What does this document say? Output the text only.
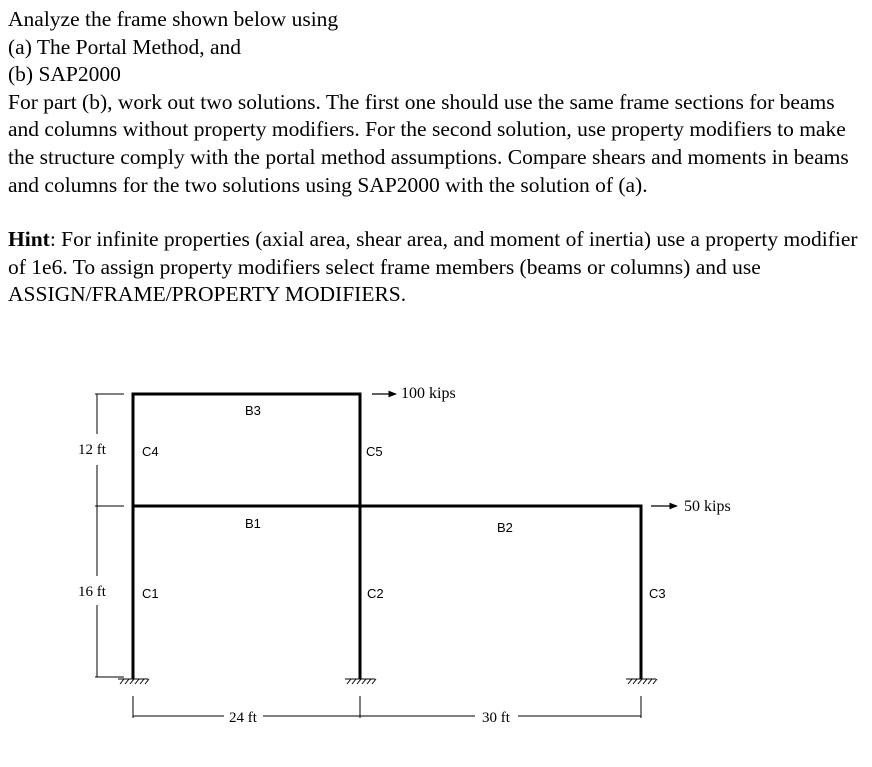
Analyze the frame shown below using

(a) The Portal Method, and

(b) SAP2000

For part (b), work out two solutions. The first one should use the same frame sections for beams and columns without property modifiers. For the second solution, use property modifiers to make the structure comply with the portal method assumptions. Compare shears and moments in beams and columns for the two solutions using SAP2000 with the solution of (a).

Hint: For infinite properties (axial area, shear area, and moment of inertia) use a property modifier of 1e6. To assign property modifiers select frame members (beams or columns) and use ASSIGN/FRAME/PROPERTY MODIFIERS.

100 kips
50 kips
12 ft
16 ft
24 ft	30 ft
B3
B1	B2
C4	C5
C1	C2	C3
